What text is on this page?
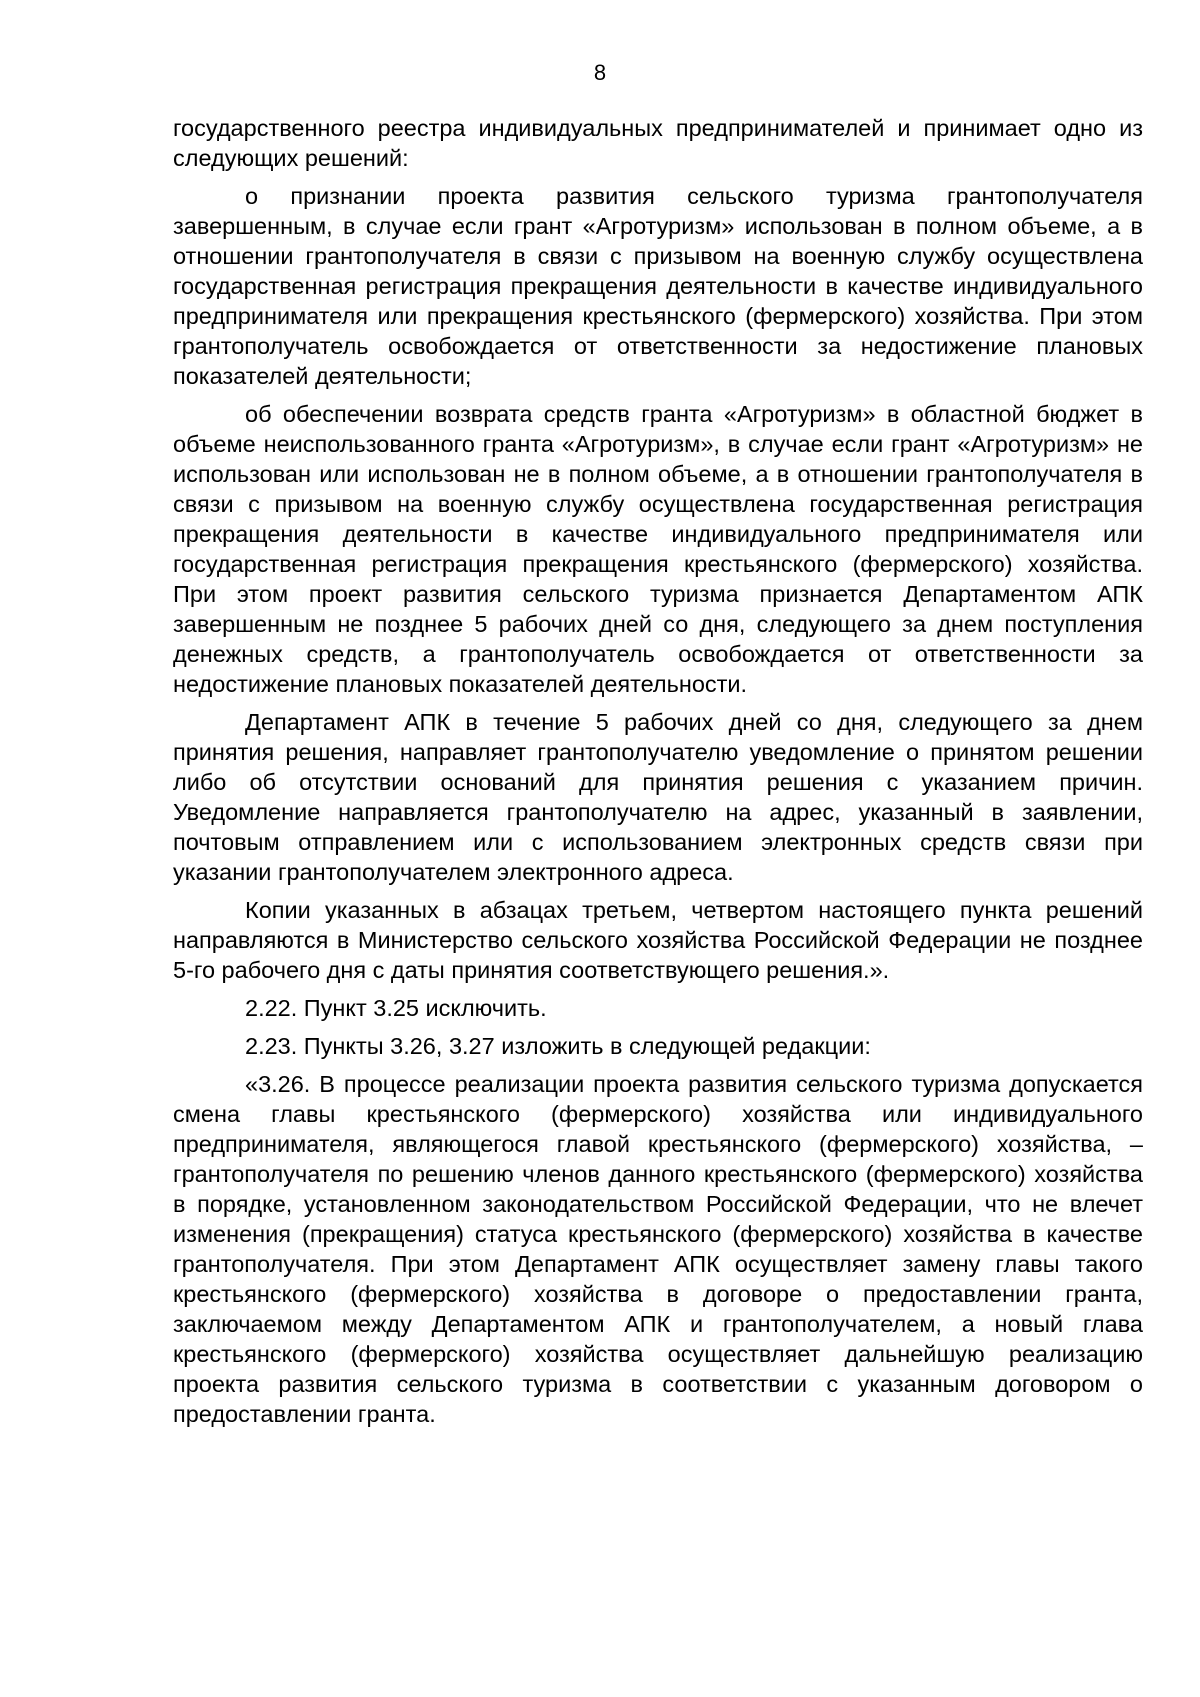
8

государственного реестра индивидуальных предпринимателей и принимает одно из следующих решений:

о признании проекта развития сельского туризма грантополучателя завершенным, в случае если грант «Агротуризм» использован в полном объеме, а в отношении грантополучателя в связи с призывом на военную службу осуществлена государственная регистрация прекращения деятельности в качестве индивидуального предпринимателя или прекращения крестьянского (фермерского) хозяйства. При этом грантополучатель освобождается от ответственности за недостижение плановых показателей деятельности;

об обеспечении возврата средств гранта «Агротуризм» в областной бюджет в объеме неиспользованного гранта «Агротуризм», в случае если грант «Агротуризм» не использован или использован не в полном объеме, а в отношении грантополучателя в связи с призывом на военную службу осуществлена государственная регистрация прекращения деятельности в качестве индивидуального предпринимателя или государственная регистрация прекращения крестьянского (фермерского) хозяйства. При этом проект развития сельского туризма признается Департаментом АПК завершенным не позднее 5 рабочих дней со дня, следующего за днем поступления денежных средств, а грантополучатель освобождается от ответственности за недостижение плановых показателей деятельности.

Департамент АПК в течение 5 рабочих дней со дня, следующего за днем принятия решения, направляет грантополучателю уведомление о принятом решении либо об отсутствии оснований для принятия решения с указанием причин. Уведомление направляется грантополучателю на адрес, указанный в заявлении, почтовым отправлением или с использованием электронных средств связи при указании грантополучателем электронного адреса.

Копии указанных в абзацах третьем, четвертом настоящего пункта решений направляются в Министерство сельского хозяйства Российской Федерации не позднее 5-го рабочего дня с даты принятия соответствующего решения.».

2.22. Пункт 3.25 исключить.

2.23. Пункты 3.26, 3.27 изложить в следующей редакции:

«3.26. В процессе реализации проекта развития сельского туризма допускается смена главы крестьянского (фермерского) хозяйства или индивидуального предпринимателя, являющегося главой крестьянского (фермерского) хозяйства, – грантополучателя по решению членов данного крестьянского (фермерского) хозяйства в порядке, установленном законодательством Российской Федерации, что не влечет изменения (прекращения) статуса крестьянского (фермерского) хозяйства в качестве грантополучателя. При этом Департамент АПК осуществляет замену главы такого крестьянского (фермерского) хозяйства в договоре о предоставлении гранта, заключаемом между Департаментом АПК и грантополучателем, а новый глава крестьянского (фермерского) хозяйства осуществляет дальнейшую реализацию проекта развития сельского туризма в соответствии с указанным договором о предоставлении гранта.
